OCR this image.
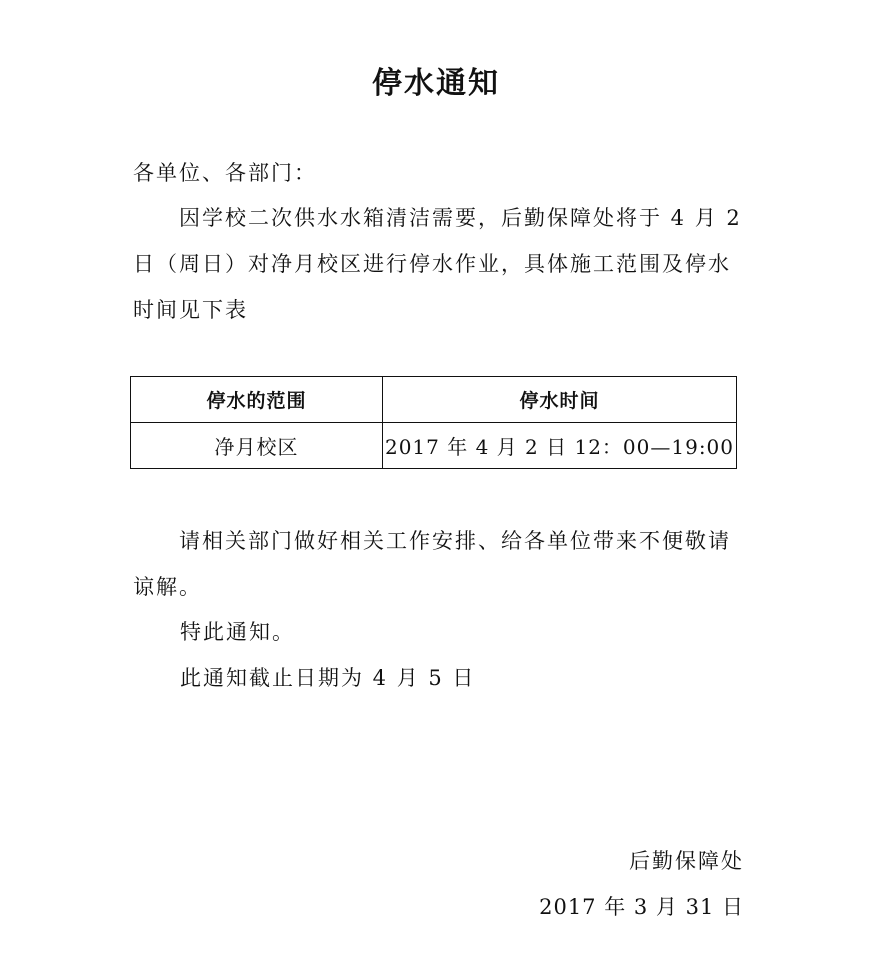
停水通知
各单位、各部门：
因学校二次供水水箱清洁需要，后勤保障处将于 4 月 2 日（周日）对净月校区进行停水作业，具体施工范围及停水时间见下表
停水的范围	停水时间
净月校区	2017 年 4 月 2 日 12：00—19:00
请相关部门做好相关工作安排、给各单位带来不便敬请谅解。
特此通知。
此通知截止日期为 4 月 5 日
后勤保障处
2017 年 3 月 31 日
